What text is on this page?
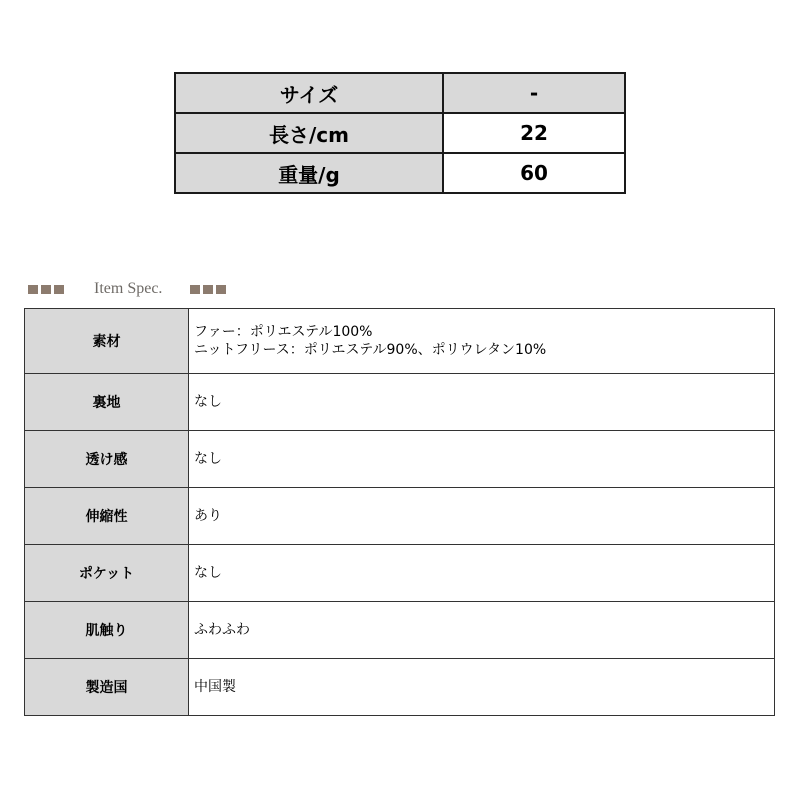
サイズ	-
長さ/cm	22
重量/g	60
Item Spec.
素材	ファー：ポリエステル100%
ニットフリース：ポリエステル90%、ポリウレタン10%

裏地	なし
透け感	なし
伸縮性	あり
ポケット	なし
肌触り	ふわふわ
製造国	中国製
